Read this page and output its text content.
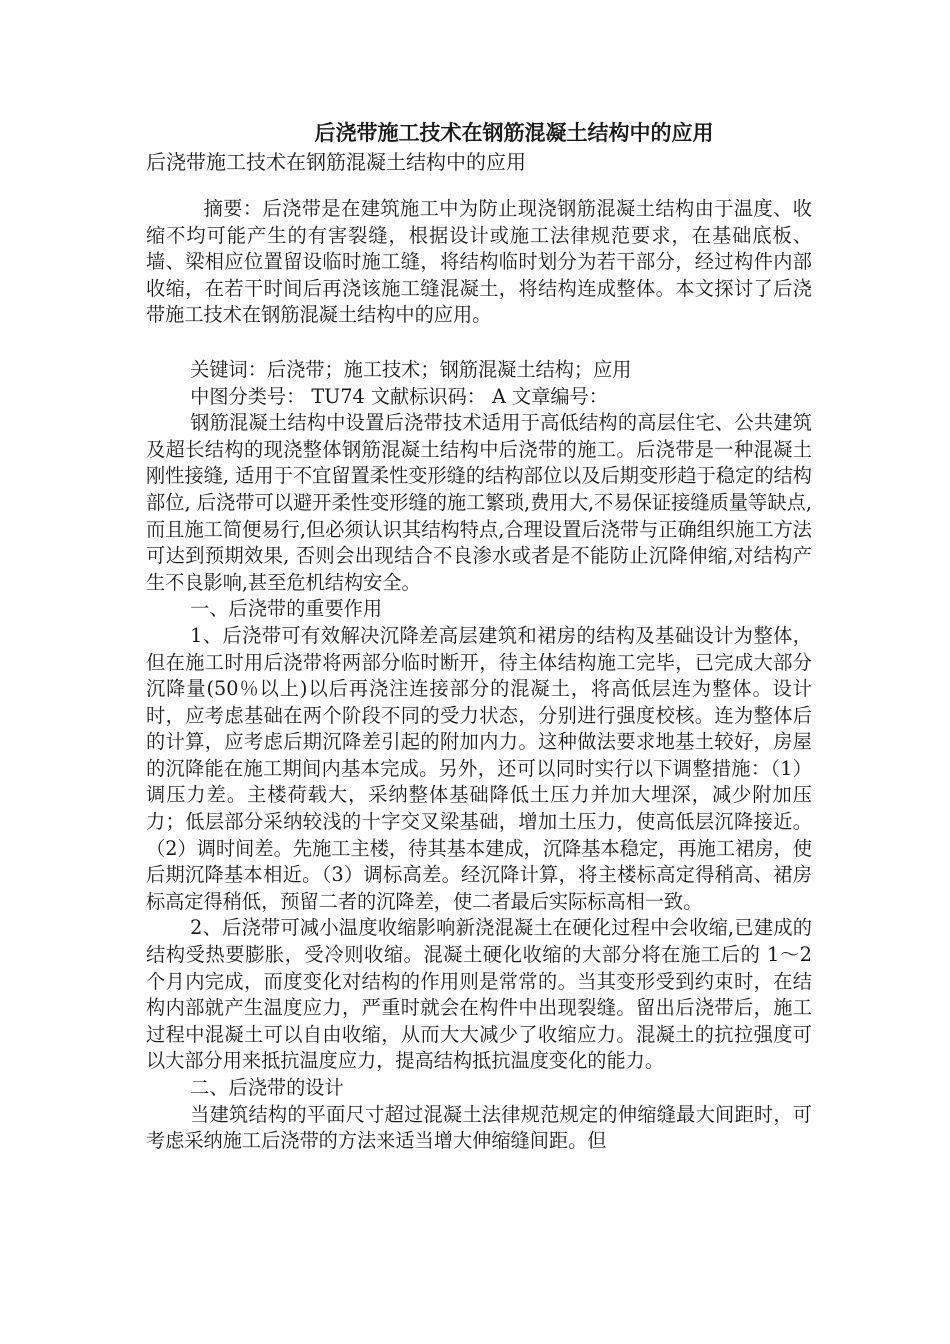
后浇带施工技术在钢筋混凝土结构中的应用

后浇带施工技术在钢筋混凝土结构中的应用

摘要：后浇带是在建筑施工中为防止现浇钢筋混凝土结构由于温度、收缩不均可能产生的有害裂缝，根据设计或施工法律规范要求，在基础底板、墙、梁相应位置留设临时施工缝，将结构临时划分为若干部分，经过构件内部收缩，在若干时间后再浇该施工缝混凝土，将结构连成整体。本文探讨了后浇带施工技术在钢筋混凝土结构中的应用。

关键词：后浇带；施工技术；钢筋混凝土结构；应用

中图分类号： TU74 文献标识码： A 文章编号：

钢筋混凝土结构中设置后浇带技术适用于高低结构的高层住宅、公共建筑及超长结构的现浇整体钢筋混凝土结构中后浇带的施工。后浇带是一种混凝土刚性接缝, 适用于不宜留置柔性变形缝的结构部位以及后期变形趋于稳定的结构部位, 后浇带可以避开柔性变形缝的施工繁琐,费用大,不易保证接缝质量等缺点,而且施工简便易行,但必须认识其结构特点,合理设置后浇带与正确组织施工方法可达到预期效果, 否则会出现结合不良渗水或者是不能防止沉降伸缩,对结构产生不良影响,甚至危机结构安全。

一、后浇带的重要作用

1、后浇带可有效解决沉降差高层建筑和裙房的结构及基础设计为整体，但在施工时用后浇带将两部分临时断开，待主体结构施工完毕，已完成大部分沉降量(50％以上)以后再浇注连接部分的混凝土，将高低层连为整体。设计时，应考虑基础在两个阶段不同的受力状态，分别进行强度校核。连为整体后的计算，应考虑后期沉降差引起的附加内力。这种做法要求地基土较好，房屋的沉降能在施工期间内基本完成。另外，还可以同时实行以下调整措施：（1）调压力差。主楼荷载大，采纳整体基础降低土压力并加大埋深，减少附加压力；低层部分采纳较浅的十字交叉梁基础，增加土压力，使高低层沉降接近。（2）调时间差。先施工主楼，待其基本建成，沉降基本稳定，再施工裙房，使后期沉降基本相近。（3）调标高差。经沉降计算，将主楼标高定得稍高、裙房标高定得稍低，预留二者的沉降差，使二者最后实际标高相一致。

2、后浇带可减小温度收缩影响新浇混凝土在硬化过程中会收缩,已建成的结构受热要膨胀，受冷则收缩。混凝土硬化收缩的大部分将在施工后的 1～2 个月内完成，而度变化对结构的作用则是常常的。当其变形受到约束时，在结构内部就产生温度应力，严重时就会在构件中出现裂缝。留出后浇带后，施工过程中混凝土可以自由收缩，从而大大减少了收缩应力。混凝土的抗拉强度可以大部分用来抵抗温度应力，提高结构抵抗温度变化的能力。

二、后浇带的设计

当建筑结构的平面尺寸超过混凝土法律规范规定的伸缩缝最大间距时，可考虑采纳施工后浇带的方法来适当增大伸缩缝间距。但
